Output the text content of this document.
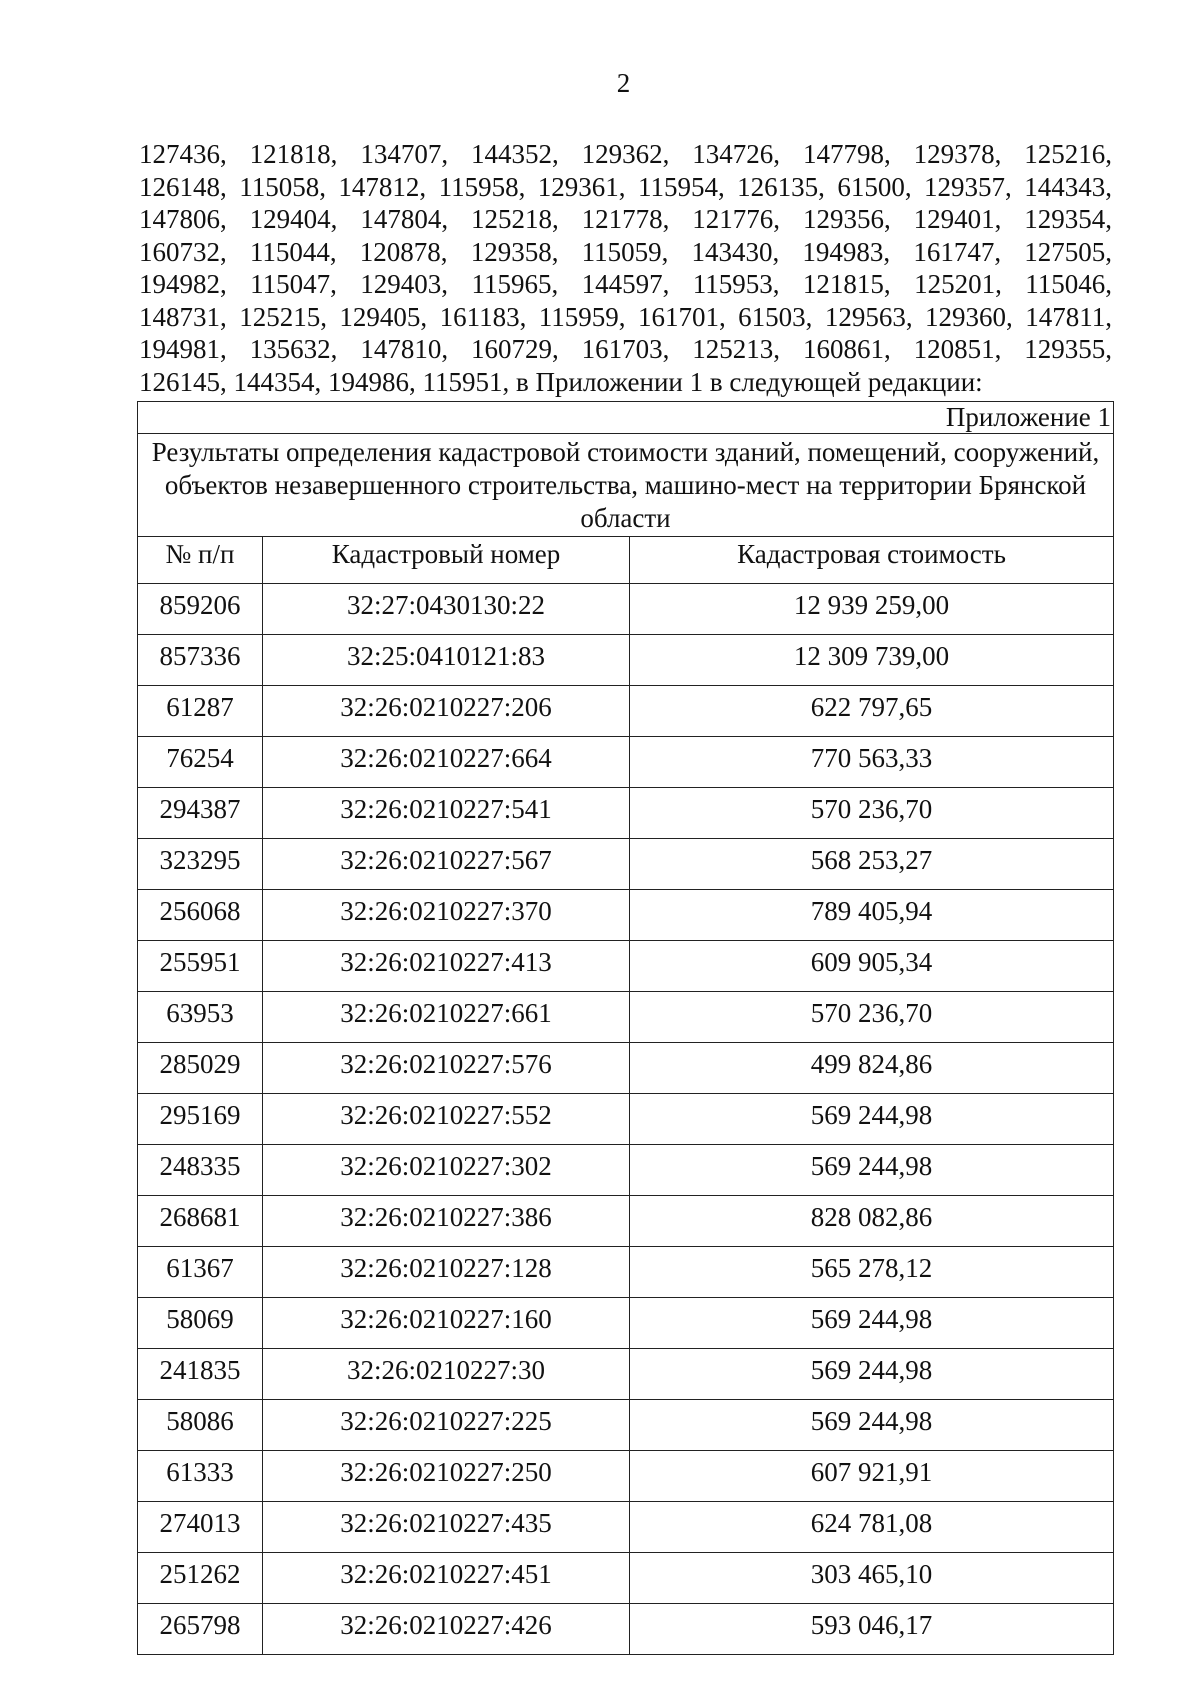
2
127436, 121818, 134707, 144352, 129362, 134726, 147798, 129378, 125216,
126148, 115058, 147812, 115958, 129361, 115954, 126135, 61500, 129357, 144343,
147806, 129404, 147804, 125218, 121778, 121776, 129356, 129401, 129354,
160732, 115044, 120878, 129358, 115059, 143430, 194983, 161747, 127505,
194982, 115047, 129403, 115965, 144597, 115953, 121815, 125201, 115046,
148731, 125215, 129405, 161183, 115959, 161701, 61503, 129563, 129360, 147811,
194981, 135632, 147810, 160729, 161703, 125213, 160861, 120851, 129355,
126145, 144354, 194986, 115951, в Приложении 1 в следующей редакции:
Приложение 1		
Результаты определения кадастровой стоимости зданий, помещений, сооружений, объектов незавершенного строительства, машино-мест на территории Брянской области		
№ п/п	Кадастровый номер	Кадастровая стоимость
859206	32:27:0430130:22	12 939 259,00
857336	32:25:0410121:83	12 309 739,00
61287	32:26:0210227:206	622 797,65
76254	32:26:0210227:664	770 563,33
294387	32:26:0210227:541	570 236,70
323295	32:26:0210227:567	568 253,27
256068	32:26:0210227:370	789 405,94
255951	32:26:0210227:413	609 905,34
63953	32:26:0210227:661	570 236,70
285029	32:26:0210227:576	499 824,86
295169	32:26:0210227:552	569 244,98
248335	32:26:0210227:302	569 244,98
268681	32:26:0210227:386	828 082,86
61367	32:26:0210227:128	565 278,12
58069	32:26:0210227:160	569 244,98
241835	32:26:0210227:30	569 244,98
58086	32:26:0210227:225	569 244,98
61333	32:26:0210227:250	607 921,91
274013	32:26:0210227:435	624 781,08
251262	32:26:0210227:451	303 465,10
265798	32:26:0210227:426	593 046,17
